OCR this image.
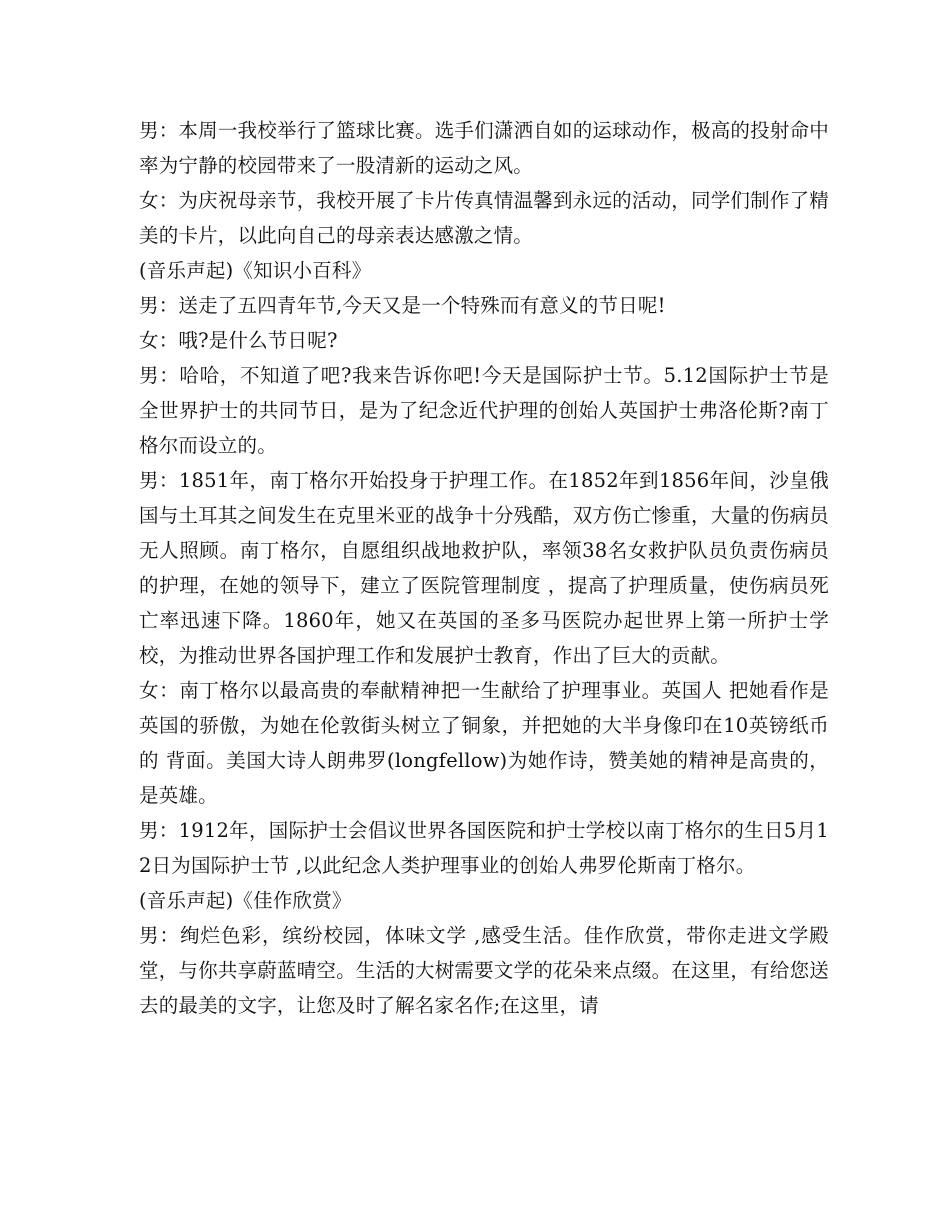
男：本周一我校举行了篮球比赛。选手们潇洒自如的运球动作，极高的投射命中率为宁静的校园带来了一股清新的运动之风。

女：为庆祝母亲节，我校开展了卡片传真情温馨到永远的活动，同学们制作了精美的卡片，以此向自己的母亲表达感激之情。

(音乐声起)《知识小百科》

男：送走了五四青年节,今天又是一个特殊而有意义的节日呢!

女：哦?是什么节日呢?

男：哈哈，不知道了吧?我来告诉你吧!今天是国际护士节。5.12国际护士节是全世界护士的共同节日，是为了纪念近代护理的创始人英国护士弗洛伦斯?南丁格尔而设立的。

男：1851年，南丁格尔开始投身于护理工作。在1852年到1856年间，沙皇俄国与土耳其之间发生在克里米亚的战争十分残酷，双方伤亡惨重，大量的伤病员无人照顾。南丁格尔，自愿组织战地救护队，率领38名女救护队员负责伤病员的护理，在她的领导下，建立了医院管理制度 ，提高了护理质量，使伤病员死亡率迅速下降。1860年，她又在英国的圣多马医院办起世界上第一所护士学校，为推动世界各国护理工作和发展护士教育，作出了巨大的贡献。

女：南丁格尔以最高贵的奉献精神把一生献给了护理事业。英国人 把她看作是英国的骄傲，为她在伦敦街头树立了铜象，并把她的大半身像印在10英镑纸币的 背面。美国大诗人朗弗罗(longfellow)为她作诗，赞美她的精神是高贵的，是英雄。

男：1912年，国际护士会倡议世界各国医院和护士学校以南丁格尔的生日5月12日为国际护士节 ,以此纪念人类护理事业的创始人弗罗伦斯南丁格尔。

(音乐声起)《佳作欣赏》

男：绚烂色彩，缤纷校园，体味文学 ,感受生活。佳作欣赏，带你走进文学殿堂，与你共享蔚蓝晴空。生活的大树需要文学的花朵来点缀。在这里，有给您送去的最美的文字，让您及时了解名家名作;在这里，请
